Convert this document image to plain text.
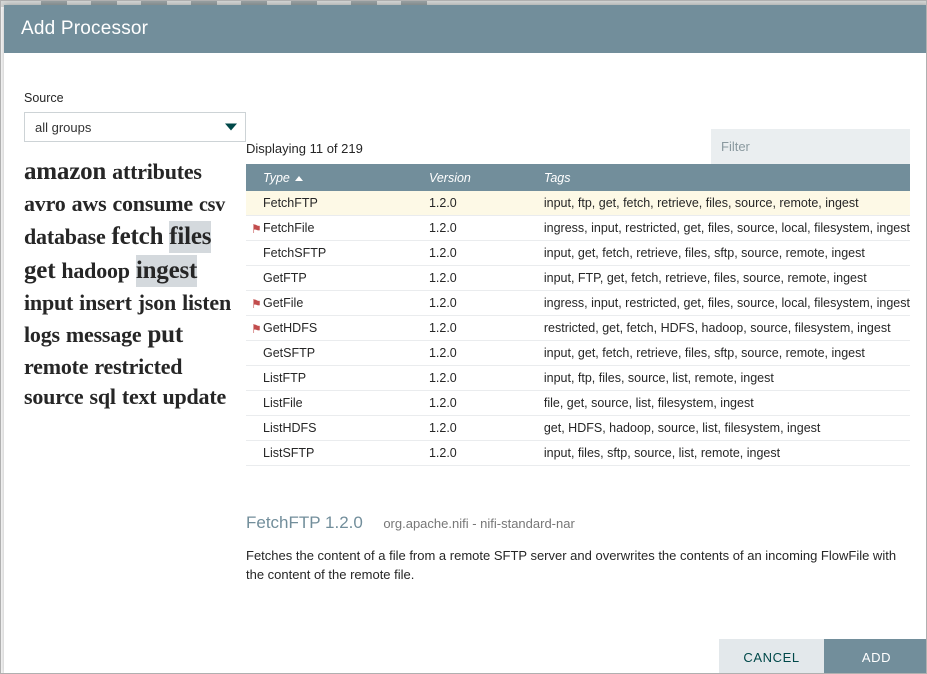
Add Processor
Source
all groups
amazon attributesavro aws consume csvdatabase fetch filesget hadoop ingestinput insert json listenlogs message putremote restrictedsource sql text update
Displaying 11 of 219
Filter
Type	Version	Tags
FetchFTP	1.2.0	input, ftp, get, fetch, retrieve, files, source, remote, ingest

⚑ FetchFile	1.2.0	ingress, input, restricted, get, files, source, local, filesystem, ingest
FetchSFTP	1.2.0	input, get, fetch, retrieve, files, sftp, source, remote, ingest
GetFTP	1.2.0	input, FTP, get, fetch, retrieve, files, source, remote, ingest

⚑ GetFile	1.2.0	ingress, input, restricted, get, files, source, local, filesystem, ingest

⚑ GetHDFS	1.2.0	restricted, get, fetch, HDFS, hadoop, source, filesystem, ingest
GetSFTP	1.2.0	input, get, fetch, retrieve, files, sftp, source, remote, ingest
ListFTP	1.2.0	input, ftp, files, source, list, remote, ingest
ListFile	1.2.0	file, get, source, list, filesystem, ingest
ListHDFS	1.2.0	get, HDFS, hadoop, source, list, filesystem, ingest
ListSFTP	1.2.0	input, files, sftp, source, list, remote, ingest
FetchFTP 1.2.0 org.apache.nifi - nifi-standard-nar
Fetches the content of a file from a remote SFTP server and overwrites the contents of an incoming FlowFile with the content of the remote file.
CANCEL	ADD
